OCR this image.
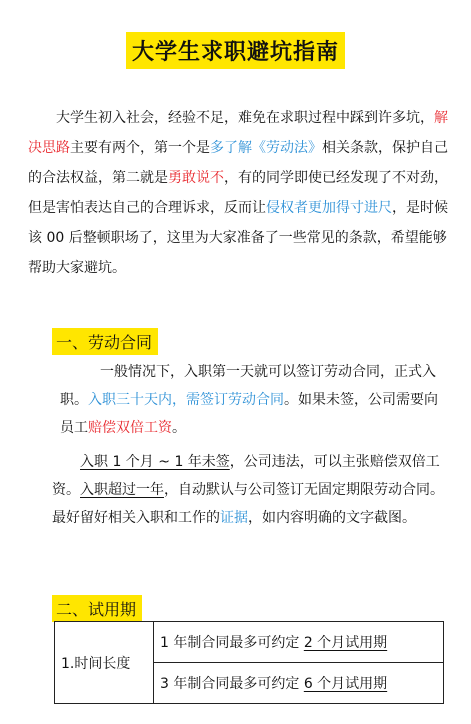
大学生求职避坑指南

大学生初入社会，经验不足，难免在求职过程中踩到许多坑，解决思路主要有两个，第一个是多了解《劳动法》相关条款，保护自己的合法权益，第二就是勇敢说不，有的同学即使已经发现了不对劲，但是害怕表达自己的合理诉求，反而让侵权者更加得寸进尺，是时候该 00 后整顿职场了，这里为大家准备了一些常见的条款，希望能够帮助大家避坑。

一、劳动合同

一般情况下，入职第一天就可以签订劳动合同，正式入职。入职三十天内，需签订劳动合同。如果未签，公司需要向员工赔偿双倍工资。

入职 1 个月 ~ 1 年未签，公司违法，可以主张赔偿双倍工资。入职超过一年，自动默认与公司签订无固定期限劳动合同。最好留好相关入职和工作的证据，如内容明确的文字截图。

二、试用期
1.时间长度	1 年制合同最多可约定 2 个月试用期
3 年制合同最多可约定 6 个月试用期
